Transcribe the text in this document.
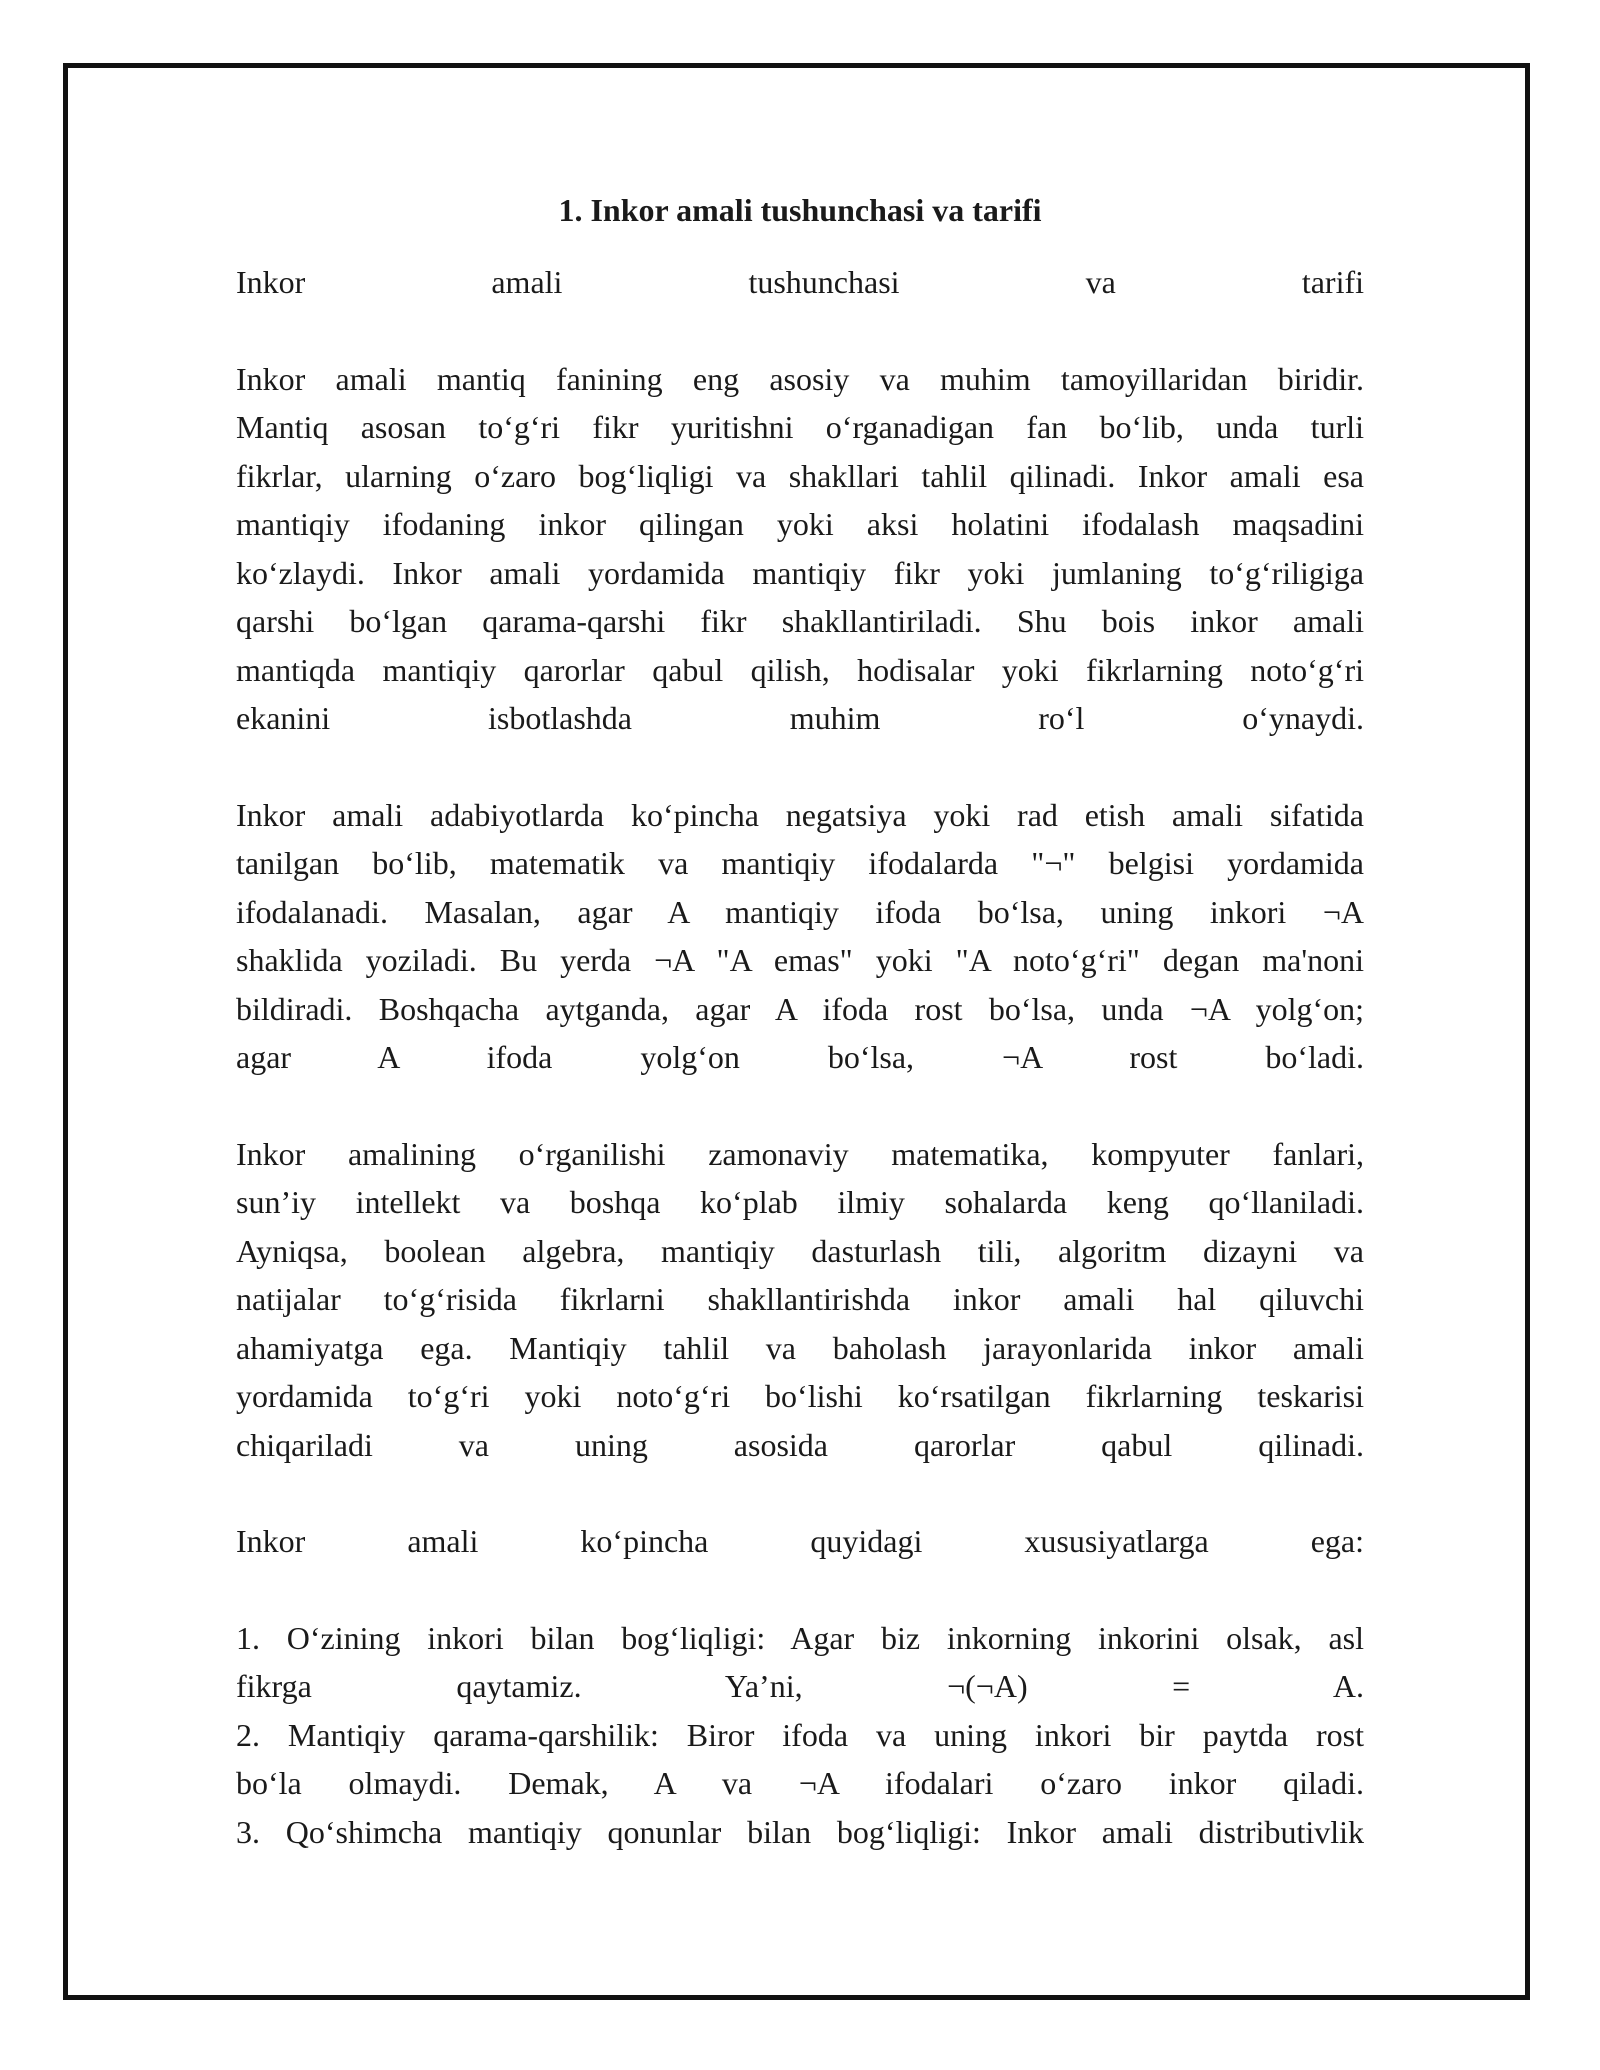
1. Inkor amali tushunchasi va tarifi
Inkor	amali	tushunchasi	va	tarifi
Inkor amali mantiq fanining eng asosiy va muhim tamoyillaridan biridir.
Mantiq asosan to‘g‘ri fikr yuritishni o‘rganadigan fan bo‘lib, unda turli
fikrlar, ularning o‘zaro bog‘liqligi va shakllari tahlil qilinadi. Inkor amali esa
mantiqiy ifodaning inkor qilingan yoki aksi holatini ifodalash maqsadini
ko‘zlaydi. Inkor amali yordamida mantiqiy fikr yoki jumlaning to‘g‘riligiga
qarshi bo‘lgan qarama-qarshi fikr shakllantiriladi. Shu bois inkor amali
mantiqda mantiqiy qarorlar qabul qilish, hodisalar yoki fikrlarning noto‘g‘ri
ekanini isbotlashda muhim ro‘l o‘ynaydi.
Inkor amali adabiyotlarda ko‘pincha negatsiya yoki rad etish amali sifatida
tanilgan bo‘lib, matematik va mantiqiy ifodalarda "¬" belgisi yordamida
ifodalanadi. Masalan, agar A mantiqiy ifoda bo‘lsa, uning inkori ¬A
shaklida yoziladi. Bu yerda ¬A "A emas" yoki "A noto‘g‘ri" degan ma'noni
bildiradi. Boshqacha aytganda, agar A ifoda rost bo‘lsa, unda ¬A yolg‘on;
agar A ifoda yolg‘on bo‘lsa, ¬A rost bo‘ladi.
Inkor amalining o‘rganilishi zamonaviy matematika, kompyuter fanlari,
sun’iy intellekt va boshqa ko‘plab ilmiy sohalarda keng qo‘llaniladi.
Ayniqsa, boolean algebra, mantiqiy dasturlash tili, algoritm dizayni va
natijalar to‘g‘risida fikrlarni shakllantirishda inkor amali hal qiluvchi
ahamiyatga ega. Mantiqiy tahlil va baholash jarayonlarida inkor amali
yordamida to‘g‘ri yoki noto‘g‘ri bo‘lishi ko‘rsatilgan fikrlarning teskarisi
chiqariladi va uning asosida qarorlar qabul qilinadi.
Inkor amali ko‘pincha quyidagi xususiyatlarga ega:
1. O‘zining inkori bilan bog‘liqligi: Agar biz inkorning inkorini olsak, asl
fikrga qaytamiz. Ya’ni, ¬(¬A) = A.
2. Mantiqiy qarama-qarshilik: Biror ifoda va uning inkori bir paytda rost
bo‘la olmaydi. Demak, A va ¬A ifodalari o‘zaro inkor qiladi.
3. Qo‘shimcha mantiqiy qonunlar bilan bog‘liqligi: Inkor amali distributivlik
